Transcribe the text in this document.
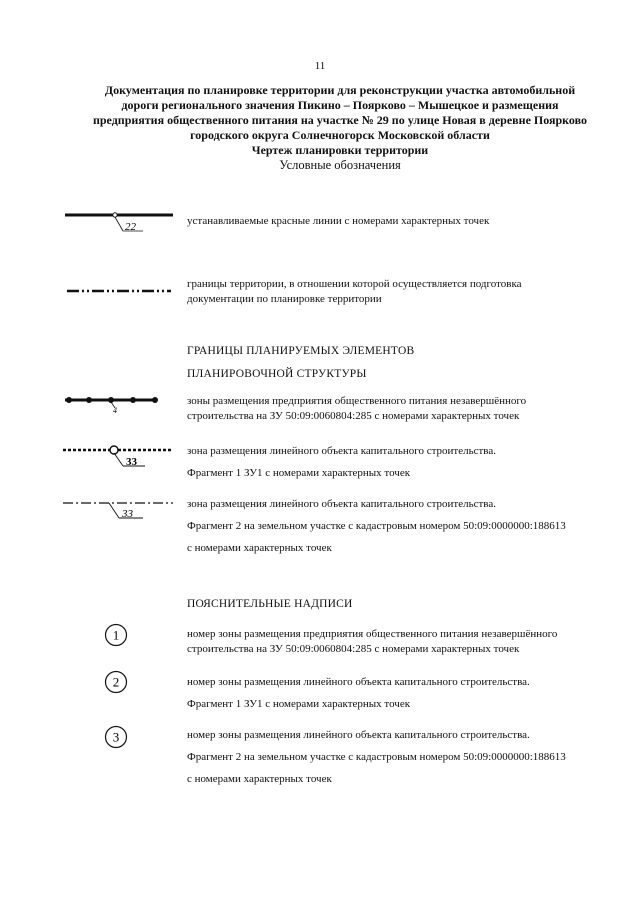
11
Документация по планировке территории для реконструкции участка автомобильной
дороги регионального значения Пикино – Поярково – Мышецкое и размещения
предприятия общественного питания на участке № 29 по улице Новая в деревне Поярково
городского округа Солнечногорск Московской области
Чертеж планировки территории
Условные обозначения
22	устанавливаемые красные линии с номерами характерных точек
границы территории, в отношении которой осуществляется подготовка
документации по планировке территории
ГРАНИЦЫ ПЛАНИРУЕМЫХ ЭЛЕМЕНТОВ
ПЛАНИРОВОЧНОЙ СТРУКТУРЫ
4
зоны размещения предприятия общественного питания незавершённого
строительства на ЗУ 50:09:0060804:285 с номерами характерных точек
33
зона размещения линейного объекта капитального строительства.
Фрагмент 1 ЗУ1 с номерами характерных точек
33
зона размещения линейного объекта капитального строительства.
Фрагмент 2 на земельном участке с кадастровым номером 50:09:0000000:188613
с номерами характерных точек
ПОЯСНИТЕЛЬНЫЕ НАДПИСИ
1	номер зоны размещения предприятия общественного питания незавершённого
строительства на ЗУ 50:09:0060804:285 с номерами характерных точек
2	номер зоны размещения линейного объекта капитального строительства.
Фрагмент 1 ЗУ1 с номерами характерных точек
3	номер зоны размещения линейного объекта капитального строительства.
Фрагмент 2 на земельном участке с кадастровым номером 50:09:0000000:188613
с номерами характерных точек
